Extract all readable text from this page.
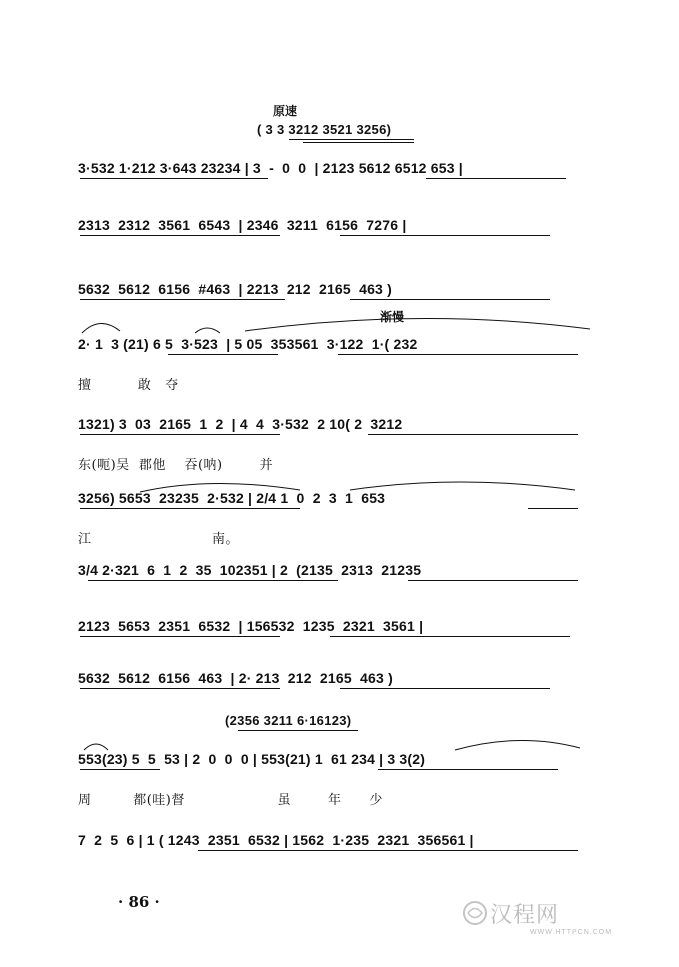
原速
( 3 3 3212 3521 3256)
渐慢
3·532 1·212 3·643 23234 | 3  -  0  0  | 2123 5612 6512 653 |
2313  2312  3561  6543  | 2346  3211  6156  7276 |
5632  5612  6156  #463  | 2213  212  2165  463 )
2· 1  3 (21) 6 5  3·523  | 5 05  353561  3·122  1·( 232
擅          敢   夺
1321) 3  03  2165  1  2  | 4  4  3·532  2 10( 2  3212
东(呃)吴  郡他    吞(呐)        并
3256) 5653  23235  2·532 | 2/4 1  0  2  3  1  653
江                          南。
3/4 2·321  6  1  2  35  102351 | 2  (2135  2313  21235
2123  5653  2351  6532  | 156532  1235  2321  3561 |
5632  5612  6156  463  | 2· 213  212  2165  463 )
(2356 3211 6·16123)
553(23) 5  5  53 | 2  0  0  0 | 553(21) 1  61 234 | 3 3(2)
周         都(哇)督                    虽        年      少
7  2  5  6 | 1 ( 1243  2351  6532 | 1562  1·235  2321  356561 |
· 86 ·
汉程网
WWW.HTTPCN.COM
